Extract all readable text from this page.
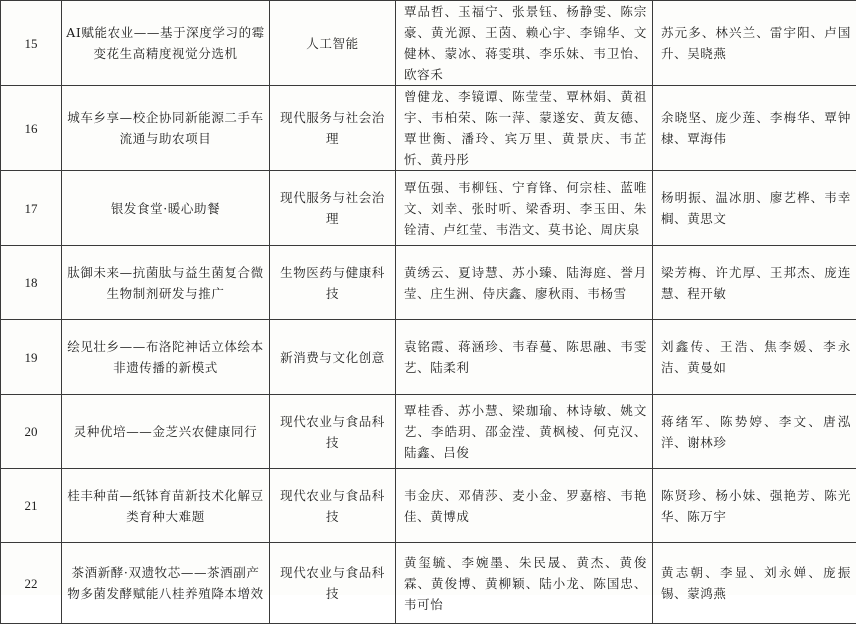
15	AI赋能农业——基于深度学习的霉变花生高精度视觉分选机	人工智能	覃品哲、玉福宁、张景钰、杨静雯、陈宗豪、黄光源、王茵、赖心宇、李锦华、文健林、蒙冰、蒋雯琪、李乐妹、韦卫怡、欧容禾	苏元多、林兴兰、雷宇阳、卢国升、吴晓燕
16	城车乡享—校企协同新能源二手车流通与助农项目	现代服务与社会治理	曾健龙、李镜谭、陈莹莹、覃林娟、黄祖宇、韦柏荣、陈一萍、蒙遂安、黄友德、覃世衡、潘玲、宾万里、黄景庆、韦芷忻、黄丹彤	余晓坚、庞少莲、李梅华、覃钟棣、覃海伟
17	银发食堂·暖心助餐	现代服务与社会治理	覃伍强、韦柳钰、宁育锋、何宗桂、蓝唯文、刘幸、张时听、梁香玥、李玉田、朱铨清、卢红莹、韦浩文、莫书论、周庆泉	杨明振、温冰朋、廖艺桦、韦幸榈、黄思文
18	肽御未来—抗菌肽与益生菌复合微生物制剂研发与推广	生物医药与健康科技	黄绣云、夏诗慧、苏小臻、陆海庭、誉月莹、庄生洲、侍庆鑫、廖秋雨、韦杨雪	梁芳梅、许尤厚、王邦杰、庞连慧、程开敏
19	绘见壮乡——布洛陀神话立体绘本非遗传播的新模式	新消费与文化创意	袁铭霞、蒋涵珍、韦春蔓、陈思融、韦雯艺、陆柔利	刘鑫传、王浩、焦李媛、李永洁、黄曼如
20	灵种优培——金芝兴农健康同行	现代农业与食品科技	覃桂香、苏小慧、梁珈瑜、林诗敏、姚文艺、李皓玥、邵金滢、黄枫棱、何克汉、陆鑫、吕俊	蒋绪军、陈势婷、李文、唐泓洋、谢林珍
21	桂丰种苗—纸钵育苗新技术化解豆类育种大难题	现代农业与食品科技	韦金庆、邓倩莎、麦小金、罗嘉榕、韦艳佳、黄博成	陈贤珍、杨小妹、强艳芳、陈光华、陈万宇
22	茶酒新酵·双遗牧芯——茶酒副产物多菌发酵赋能八桂养殖降本增效	现代农业与食品科技	黄玺毓、李婉墨、朱民晟、黄杰、黄俊霖、黄俊博、黄柳颖、陆小龙、陈国忠、韦可怡	黄志朝、李显、刘永婵、庞振锡、蒙鸿燕
